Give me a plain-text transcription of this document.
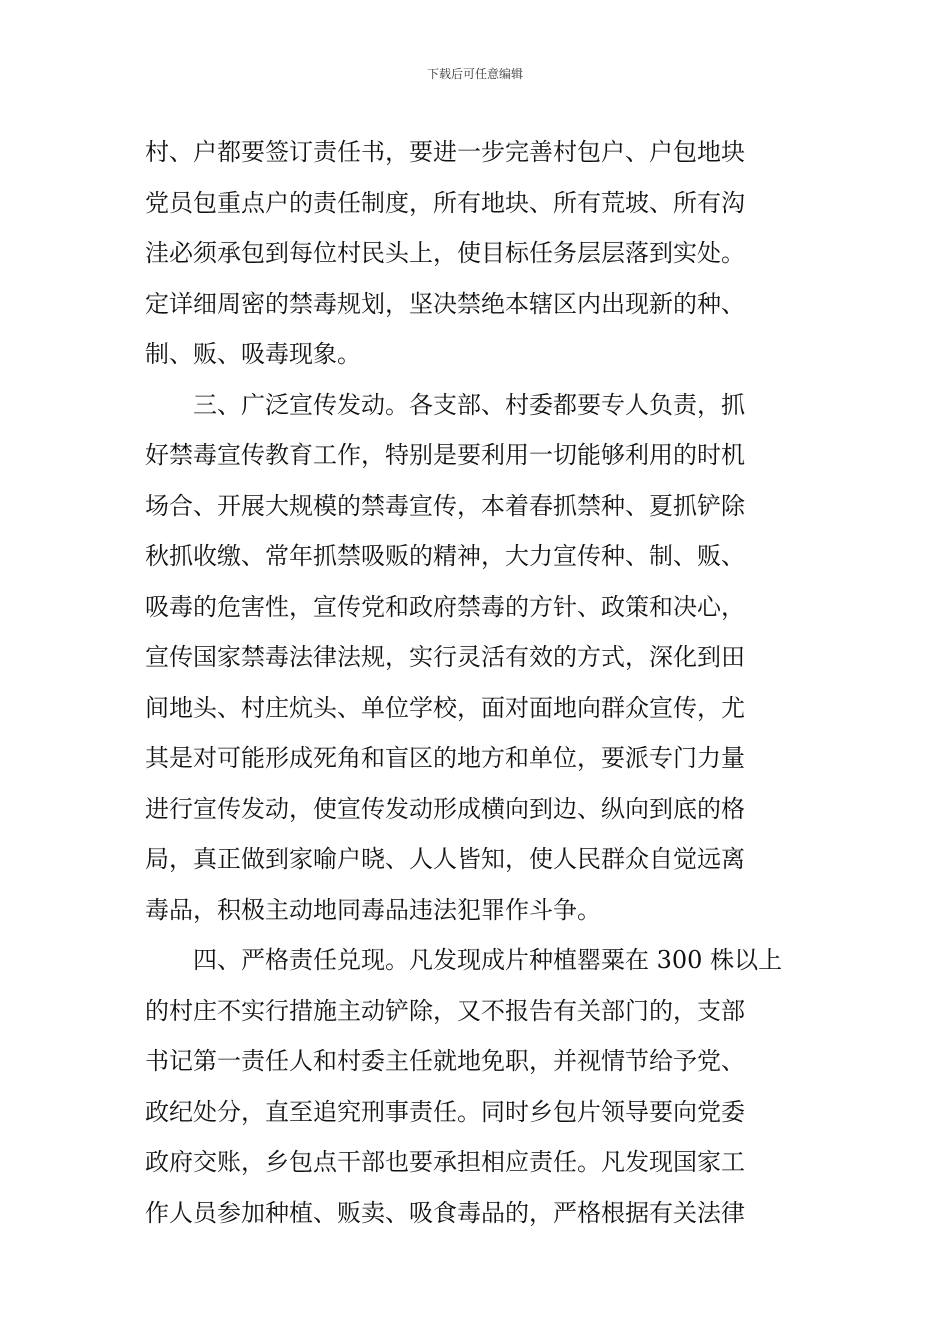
下载后可任意编辑
村、户都要签订责任书，要进一步完善村包户、户包地块
党员包重点户的责任制度，所有地块、所有荒坡、所有沟
洼必须承包到每位村民头上，使目标任务层层落到实处。
定详细周密的禁毒规划，坚决禁绝本辖区内出现新的种、
制、贩、吸毒现象。
　　三、广泛宣传发动。各支部、村委都要专人负责，抓
好禁毒宣传教育工作，特别是要利用一切能够利用的时机
场合、开展大规模的禁毒宣传，本着春抓禁种、夏抓铲除
秋抓收缴、常年抓禁吸贩的精神，大力宣传种、制、贩、
吸毒的危害性，宣传党和政府禁毒的方针、政策和决心，
宣传国家禁毒法律法规，实行灵活有效的方式，深化到田
间地头、村庄炕头、单位学校，面对面地向群众宣传，尤
其是对可能形成死角和盲区的地方和单位，要派专门力量
进行宣传发动，使宣传发动形成横向到边、纵向到底的格
局，真正做到家喻户晓、人人皆知，使人民群众自觉远离
毒品，积极主动地同毒品违法犯罪作斗争。
　　四、严格责任兑现。凡发现成片种植罂粟在 300 株以上
的村庄不实行措施主动铲除，又不报告有关部门的，支部
书记第一责任人和村委主任就地免职，并视情节给予党、
政纪处分，直至追究刑事责任。同时乡包片领导要向党委
政府交账，乡包点干部也要承担相应责任。凡发现国家工
作人员参加种植、贩卖、吸食毒品的，严格根据有关法律
